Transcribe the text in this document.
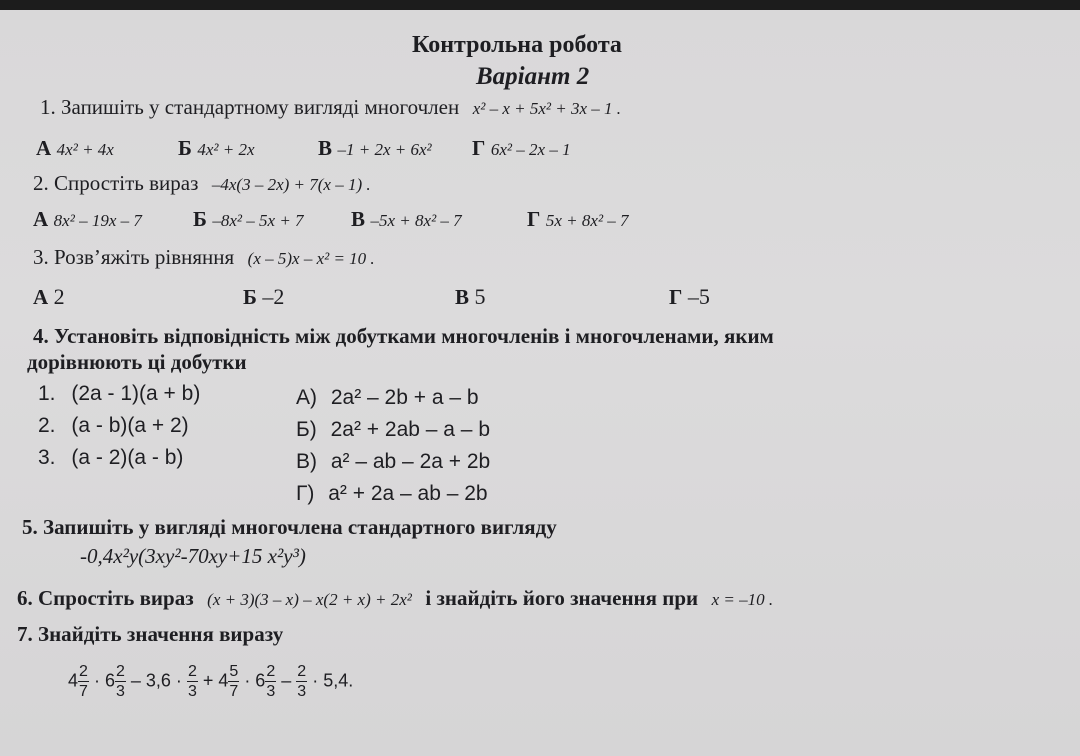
Контрольна робота
Варіант 2
1. Запишіть у стандартному вигляді многочлен x² – x + 5x² + 3x – 1 .
А 4x² + 4x	Б 4x² + 2x	В –1 + 2x + 6x² Г 6x² – 2x – 1
2. Спростіть вираз –4x(3 – 2x) + 7(x – 1) .
А 8x² – 19x – 7 Б –8x² – 5x + 7 В –5x + 8x² – 7	Г 5x + 8x² – 7
3. Розв’яжіть рівняння (x – 5)x – x² = 10 .
А 2	Б –2	В 5	Г –5
4. Установіть відповідність між добутками многочленів і многочленами, яким
дорівнюють ці добутки
1. (2a - 1)(a + b)
2. (a - b)(a + 2)
3. (a - 2)(a - b)
А) 2a² – 2b + a – b
Б) 2a² + 2ab – a – b
В) a² – ab – 2a + 2b
Г) a² + 2a – ab – 2b
5. Запишіть у вигляді многочлена стандартного вигляду
-0,4x²y(3xy²-70xy+15 x²y³)
6. Спростіть вираз (x + 3)(3 – x) – x(2 + x) + 2x² і знайдіть його значення при x = –10 .
7. Знайдіть значення виразу
$4 \frac{2}{7} \cdot 6 \frac{2}{3} - 3,6 \cdot \frac{2}{3} + 4 \frac{5}{7} \cdot 6 \frac{2}{3} - \frac{2}{3} \cdot 5,4$.
